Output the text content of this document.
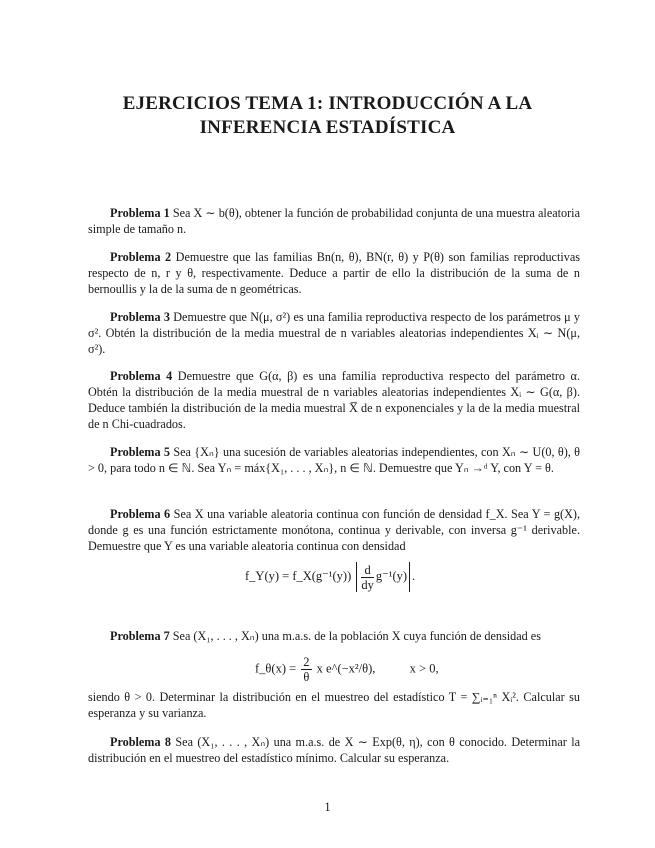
EJERCICIOS TEMA 1: INTRODUCCIÓN A LA
INFERENCIA ESTADÍSTICA

Problema 1 Sea X ∼ b(θ), obtener la función de probabilidad conjunta de una muestra aleatoria simple de tamaño n.

Problema 2 Demuestre que las familias Bn(n, θ), BN(r, θ) y P(θ) son familias reproductivas respecto de n, r y θ, respectivamente. Deduce a partir de ello la distribución de la suma de n bernoullis y la de la suma de n geométricas.

Problema 3 Demuestre que N(μ, σ²) es una familia reproductiva respecto de los parámetros μ y σ². Obtén la distribución de la media muestral de n variables aleatorias independientes Xᵢ ∼ N(μ, σ²).

Problema 4 Demuestre que G(α, β) es una familia reproductiva respecto del parámetro α. Obtén la distribución de la media muestral de n variables aleatorias independientes Xᵢ ∼ G(α, β). Deduce también la distribución de la media muestral X̅ de n exponenciales y la de la media muestral de n Chi-cuadrados.

Problema 5 Sea {Xₙ} una sucesión de variables aleatorias independientes, con Xₙ ∼ U(0, θ), θ > 0, para todo n ∈ ℕ. Sea Yₙ = máx{X₁, . . . , Xₙ}, n ∈ ℕ. Demuestre que Yₙ →ᵈ Y, con Y = θ.

Problema 6 Sea X una variable aleatoria continua con función de densidad f_X. Sea Y = g(X), donde g es una función estrictamente monótona, continua y derivable, con inversa g⁻¹ derivable. Demuestre que Y es una variable aleatoria continua con densidad

f_Y(y) = f_X(g⁻¹(y)) $\frac{d}{dy} g^{-1}(y)$ .

Problema 7 Sea (X₁, . . . , Xₙ) una m.a.s. de la población X cuya función de densidad es

f_θ(x) = $\frac{2}{\theta}$ x e^(−x²/θ),	x > 0,

siendo θ > 0. Determinar la distribución en el muestreo del estadístico T = ∑ᵢ₌₁ⁿ Xᵢ². Calcular su esperanza y su varianza.

Problema 8 Sea (X₁, . . . , Xₙ) una m.a.s. de X ∼ Exp(θ, η), con θ conocido. Determinar la distribución en el muestreo del estadístico mínimo. Calcular su esperanza.

1
